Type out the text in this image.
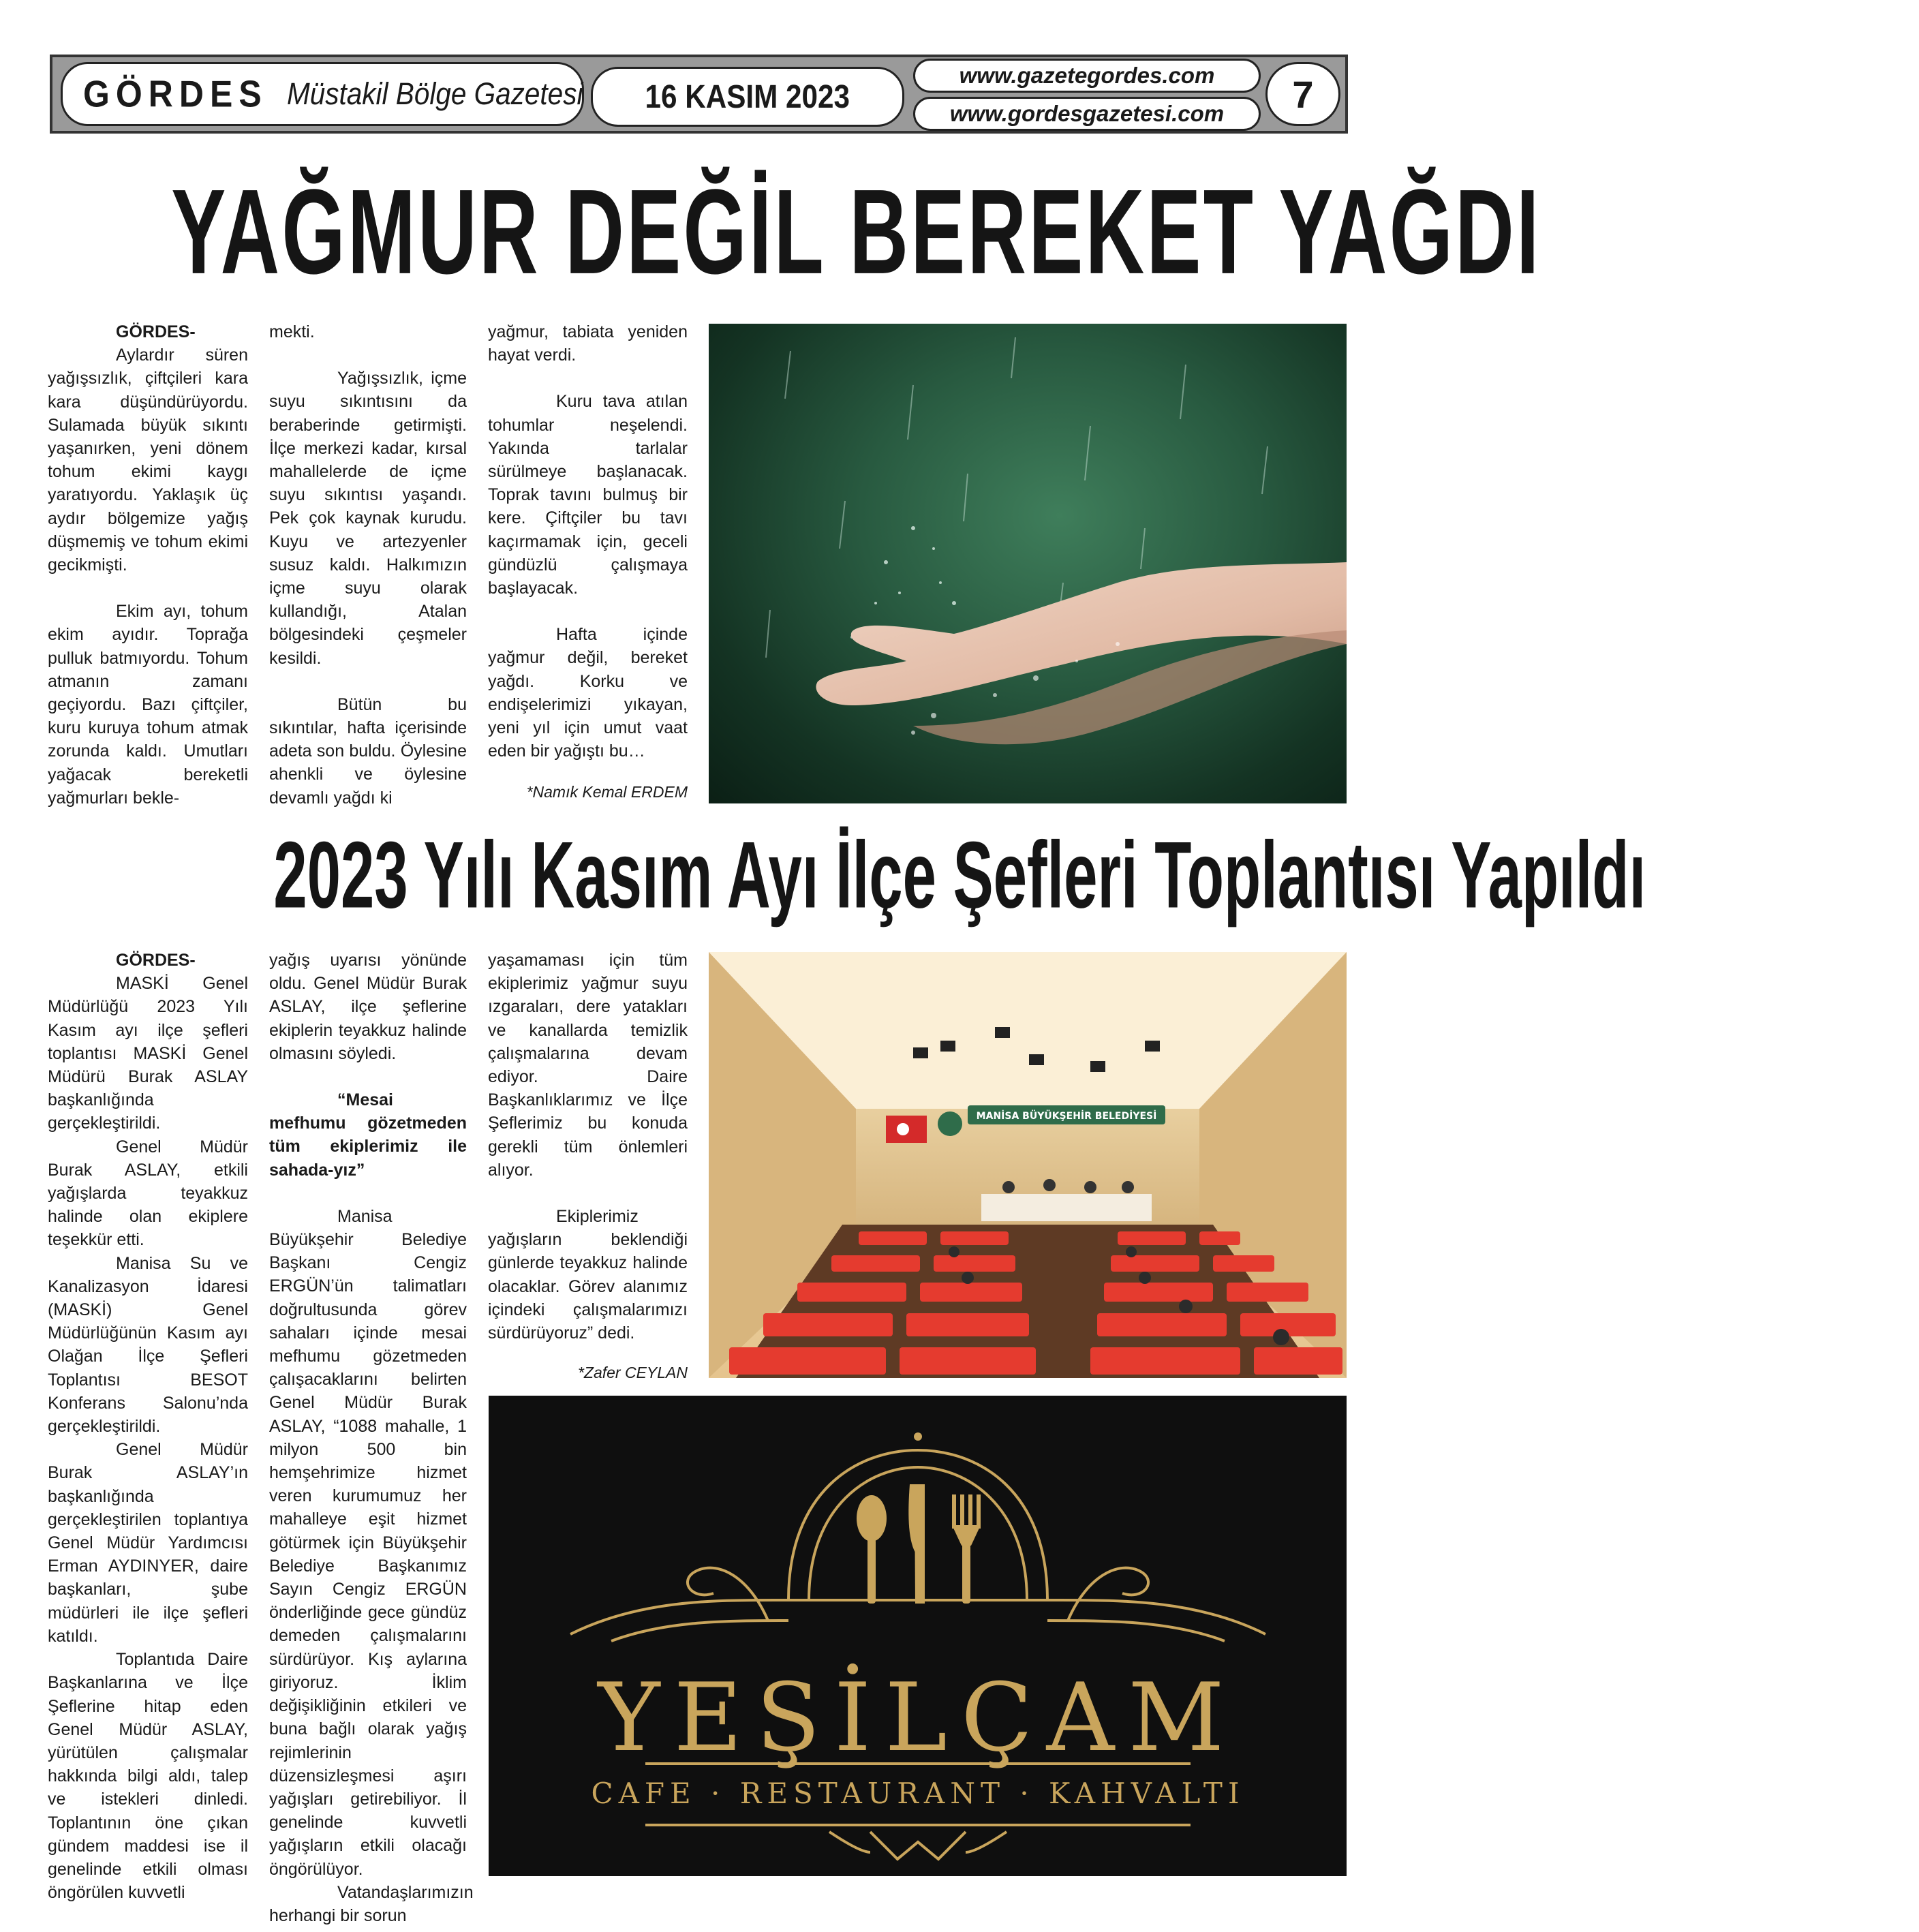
GÖRDES Müstakil Bölge Gazetesi 16 KASIM 2023
www.gazetegordes.com
www.gordesgazetesi.com	7
YAĞMUR DEĞİL BEREKET YAĞDI

GÖRDES-

Aylardır süren yağışsızlık, çiftçileri kara kara düşündürüyordu. Sulamada büyük sıkıntı yaşanırken, yeni dönem tohum ekimi kaygı yaratıyordu. Yaklaşık üç aydır bölgemize yağış düşmemiş ve tohum ekimi gecikmişti.

Ekim ayı, tohum ekim ayıdır. Toprağa pulluk batmıyordu. Tohum atmanın zamanı geçiyordu. Bazı çiftçiler, kuru kuruya tohum atmak zorunda kaldı. Umutları yağacak bereketli yağmurları bekle-

mekti.

Yağışsızlık, içme suyu sıkıntısını da beraberinde getirmişti. İlçe merkezi kadar, kırsal mahallelerde de içme suyu sıkıntısı yaşandı. Pek çok kaynak kurudu. Kuyu ve artezyenler susuz kaldı. Halkımızın içme suyu olarak kullandığı, Atalan bölgesindeki çeşmeler kesildi.

Bütün bu sıkıntılar, hafta içerisinde adeta son buldu. Öylesine ahenkli ve öylesine devamlı yağdı ki

yağmur, tabiata yeniden hayat verdi.

Kuru tava atılan tohumlar neşelendi. Yakında tarlalar sürülmeye başlanacak. Toprak tavını bulmuş bir kere. Çiftçiler bu tavı kaçırmamak için, geceli gündüzlü çalışmaya başlayacak.

Hafta içinde yağmur değil, bereket yağdı. Korku ve endişelerimizi yıkayan, yeni yıl için umut vaat eden bir yağıştı bu…

*Namık Kemal ERDEM

2023 Yılı Kasım Ayı İlçe Şefleri Toplantısı Yapıldı

GÖRDES-

MASKİ Genel Müdürlüğü 2023 Yılı Kasım ayı ilçe şefleri toplantısı MASKİ Genel Müdürü Burak ASLAY başkanlığında gerçekleştirildi.

Genel Müdür Burak ASLAY, etkili yağışlarda teyakkuz halinde olan ekiplere teşekkür etti.

Manisa Su ve Kanalizasyon İdaresi (MASKİ) Genel Müdürlüğünün Kasım ayı Olağan İlçe Şefleri Toplantısı BESOT Konferans Salonu’nda gerçekleştirildi.

Genel Müdür Burak ASLAY’ın başkanlığında gerçekleştirilen toplantıya Genel Müdür Yardımcısı Erman AYDINYER, daire başkanları, şube müdürleri ile ilçe şefleri katıldı.

Toplantıda Daire Başkanlarına ve İlçe Şeflerine hitap eden Genel Müdür ASLAY, yürütülen çalışmalar hakkında bilgi aldı, talep ve istekleri dinledi. Toplantının öne çıkan gündem maddesi ise il genelinde etkili olması öngörülen kuvvetli

yağış uyarısı yönünde oldu. Genel Müdür Burak ASLAY, ilçe şeflerine ekiplerin teyakkuz halinde olmasını söyledi.

“Mesai mefhumu gözetmeden tüm ekiplerimiz ile sahada-yız”

Manisa Büyükşehir Belediye Başkanı Cengiz ERGÜN’ün talimatları doğrultusunda görev sahaları içinde mesai mefhumu gözetmeden çalışacaklarını belirten Genel Müdür Burak ASLAY, “1088 mahalle, 1 milyon 500 bin hemşehrimize hizmet veren kurumumuz her mahalleye eşit hizmet götürmek için Büyükşehir Belediye Başkanımız Sayın Cengiz ERGÜN önderliğinde gece gündüz demeden çalışmalarını sürdürüyor. Kış aylarına giriyoruz. İklim değişikliğinin etkileri ve buna bağlı olarak yağış rejimlerinin düzensizleşmesi aşırı yağışları getirebiliyor. İl genelinde kuvvetli yağışların etkili olacağı öngörülüyor.

Vatandaşlarımızın herhangi bir sorun

yaşamaması için tüm ekiplerimiz yağmur suyu ızgaraları, dere yatakları ve kanallarda temizlik çalışmalarına devam ediyor. Daire Başkanlıklarımız ve İlçe Şeflerimiz bu konuda gerekli tüm önlemleri alıyor.

Ekiplerimiz yağışların beklendiği günlerde teyakkuz halinde olacaklar. Görev alanımız içindeki çalışmalarımızı sürdürüyoruz” dedi.

*Zafer CEYLAN

MANİSA BÜYÜKŞEHİR BELEDİYESİ
YEŞİLÇAM
CAFE · RESTAURANT · KAHVALTI
